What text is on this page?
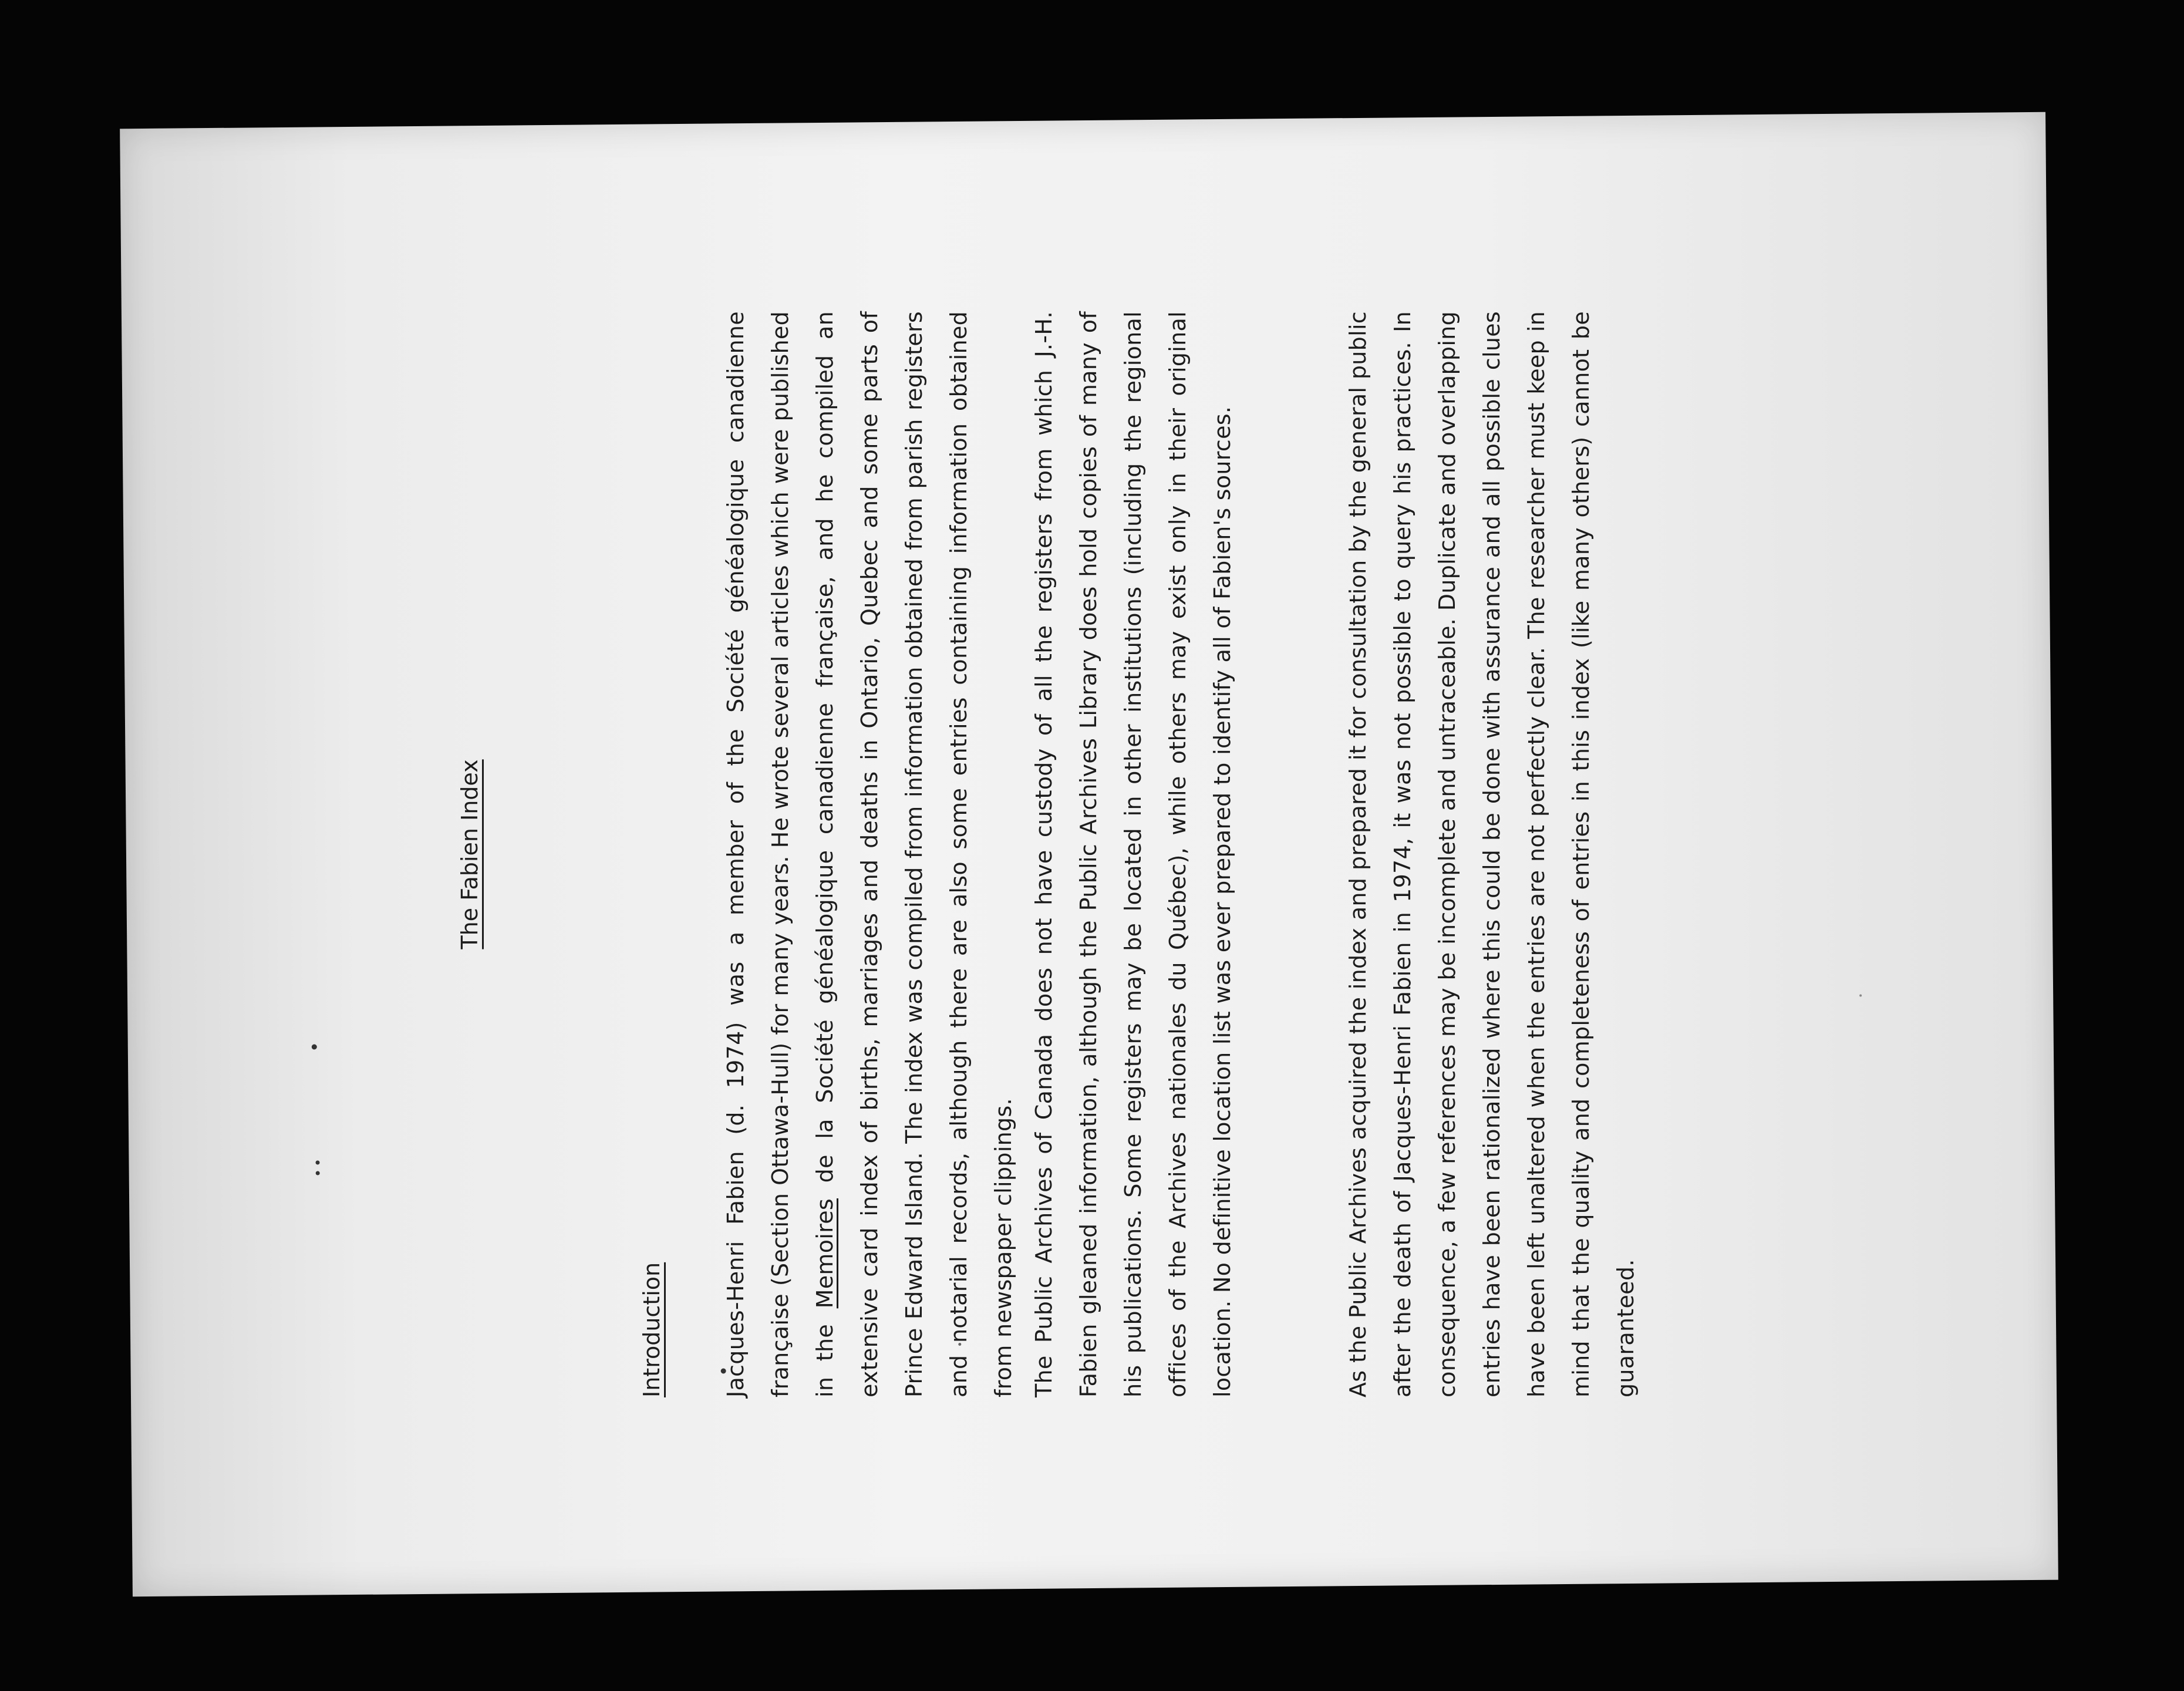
The Fabien Index
Introduction	Jacques-Henri Fabien (d. 1974) was a member of the Société généalogique canadienne française (Section Ottawa-Hull) for many years. He wrote several articles which were published in the Memoires de la Société généalogique canadienne française, and he compiled an extensive card index of births, marriages and deaths in Ontario, Quebec and some parts of Prince Edward Island. The index was compiled from information obtained from parish registers and notarial records, although there are also some entries containing information obtained from newspaper clippings. The Public Archives of Canada does not have custody of all the registers from which J.-H. Fabien gleaned information, although the Public Archives Library does hold copies of many of his publications. Some registers may be located in other institutions (including the regional offices of the Archives nationales du Québec), while others may exist only in their original location. No definitive location list was ever prepared to identify all of Fabien's sources.	As the Public Archives acquired the index and prepared it for consultation by the general public after the death of Jacques-Henri Fabien in 1974, it was not possible to query his practices. In consequence, a few references may be incomplete and untraceable. Duplicate and overlapping entries have been rationalized where this could be done with assurance and all possible clues have been left unaltered when the entries are not perfectly clear. The researcher must keep in mind that the quality and completeness of entries in this index (like many others) cannot be guaranteed.
